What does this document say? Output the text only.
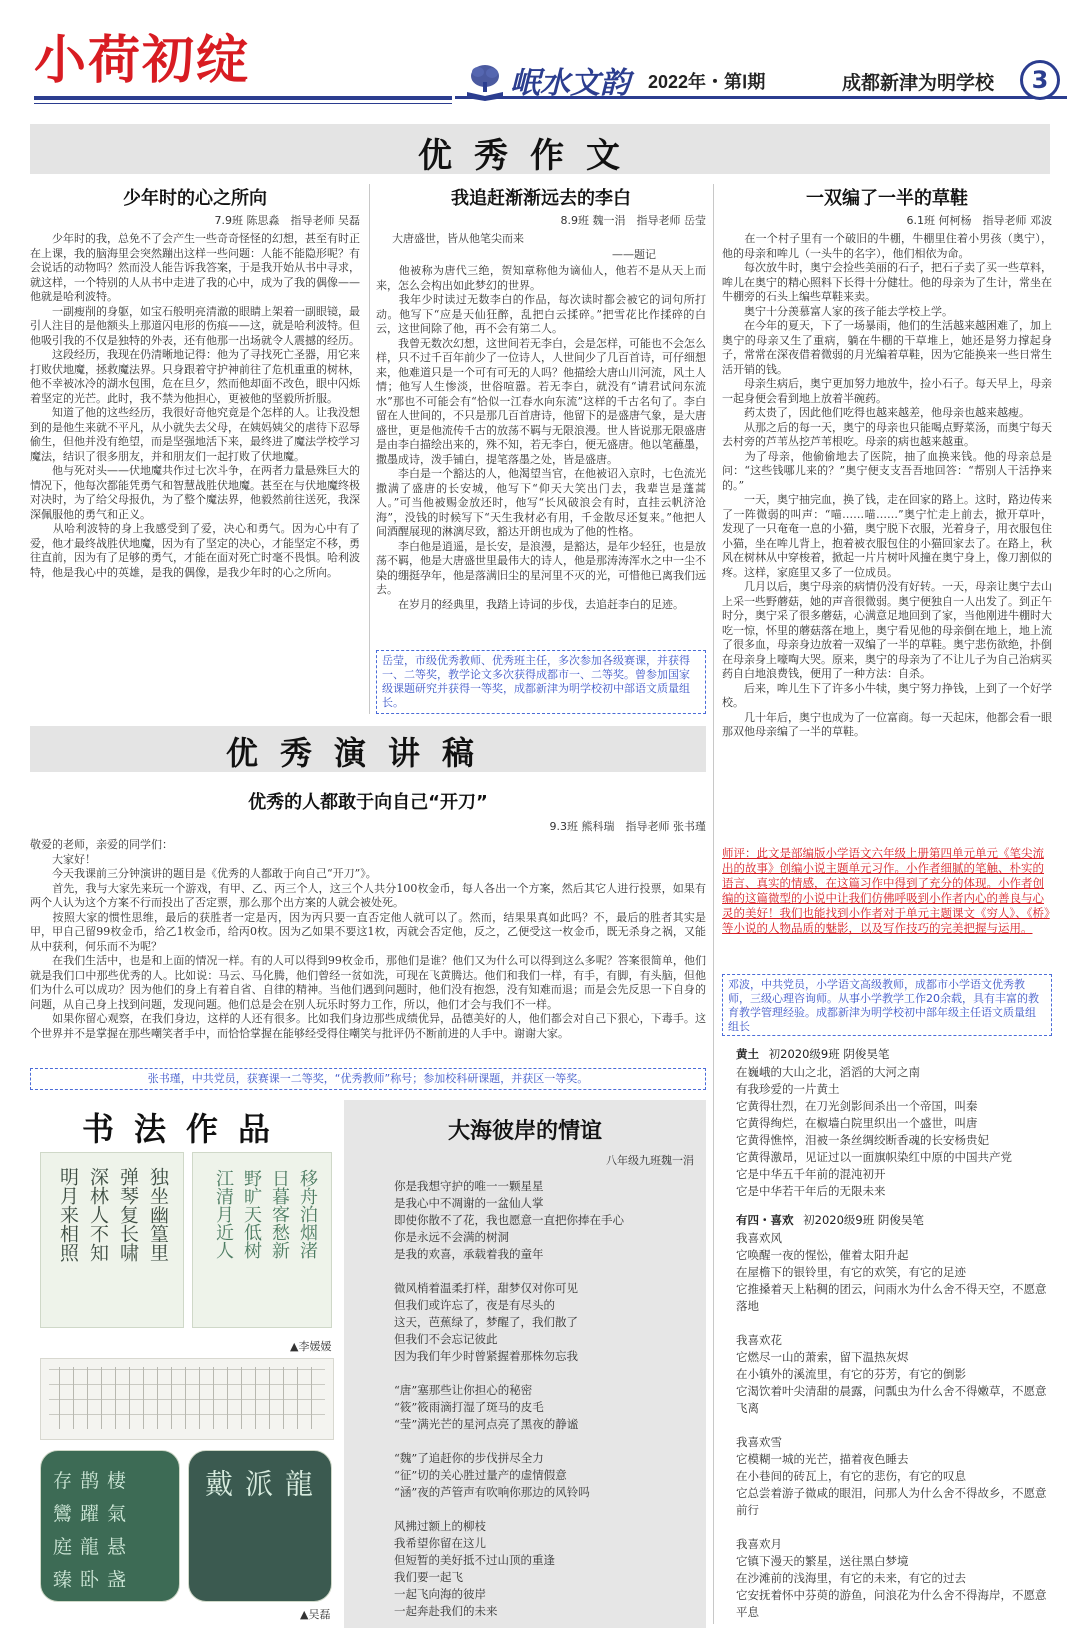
小荷初绽	岷水文韵 2022年・第Ⅰ期	成都新津为明学校	3
优秀作文
少年时的心之所向
7.9班 陈思淼　指导老师 吴磊
　　少年时的我，总免不了会产生一些奇奇怪怪的幻想，甚至有时正在上课，我的脑海里会突然蹦出这样一些问题：人能不能隐形呢？有会说话的动物吗？然而没人能告诉我答案，于是我开始从书中寻求，就这样，一个特别的人从书中走进了我的心中，成为了我的偶像——他就是哈利波特。
　　一副瘦削的身躯，如宝石般明亮清澈的眼睛上架着一副眼镜，最引人注目的是他额头上那道闪电形的伤痕——这，就是哈利波特。但他吸引我的不仅是独特的外表，还有他那一出场就令人震撼的经历。
　　这段经历，我现在仍清晰地记得：他为了寻找死亡圣器，用它来打败伏地魔，拯救魔法界。只身跟着守护神前往了危机重重的树林，他不幸被冰冷的湖水包围，危在旦夕，然而他却面不改色，眼中闪烁着坚定的光芒。此时，我不禁为他担心，更被他的坚毅所折服。
　　知道了他的这些经历，我很好奇他究竟是个怎样的人。让我没想到的是他生来就不平凡，从小就失去父母，在姨妈姨父的虐待下忍辱偷生，但他并没有绝望，而是坚强地活下来，最终进了魔法学校学习魔法，结识了很多朋友，并和朋友们一起打败了伏地魔。
　　他与死对头——伏地魔共作过七次斗争，在两者力量悬殊巨大的情况下，他每次都能凭勇气和智慧战胜伏地魔。甚至在与伏地魔终极对决时，为了给父母报仇，为了整个魔法界，他毅然前往送死，我深深佩服他的勇气和正义。
　　从哈利波特的身上我感受到了爱，决心和勇气。因为心中有了爱，他才最终战胜伏地魔，因为有了坚定的决心，才能坚定不移，勇往直前，因为有了足够的勇气，才能在面对死亡时毫不畏惧。哈利波特，他是我心中的英雄，是我的偶像，是我少年时的心之所向。
我追赶渐渐远去的李白
8.9班 魏一涓　指导老师 岳莹
大唐盛世，皆从他笔尖而来
——题记
　　他被称为唐代三绝，贺知章称他为谪仙人，他若不是从天上而来，怎么会构出如此梦幻的世界。
　　我年少时读过无数李白的作品，每次读时都会被它的词句所打动。他写下“应是天仙狂醉，乱把白云揉碎。”把雪花比作揉碎的白云，这世间除了他，再不会有第二人。
　　我曾无数次幻想，这世间若无李白，会是怎样，可能也不会怎么样，只不过千百年前少了一位诗人，人世间少了几百首诗，可仔细想来，他难道只是一个可有可无的人吗？他描绘大唐山川河流，风土人情；他写人生惨淡，世俗喧嚣。若无李白，就没有“请君试问东流水”那也不可能会有“恰似一江春水向东流”这样的千古名句了。李白留在人世间的，不只是那几百首唐诗，他留下的是盛唐气象，是大唐盛世，更是他流传千古的放荡不羁与无限浪漫。世人皆说那无限盛唐是由李白描绘出来的，殊不知，若无李白，便无盛唐。他以笔蘸墨，撒墨成诗，泼手铺白，提笔落墨之处，皆是盛唐。
　　李白是一个豁达的人，他渴望当官，在他被诏入京时，七色流光撒满了盛唐的长安城，他写下“仰天大笑出门去，我辈岂是蓬蒿人。”可当他被赐金放还时，他写“长风破浪会有时，直挂云帆济沧海”，没钱的时候写下“天生我材必有用，千金散尽还复来。”他把人间酒醒展现的淋漓尽致，豁达开朗也成为了他的性格。
　　李白他是逍遥，是长安，是浪漫，是豁达，是年少轻狂，也是放荡不羁，他是大唐盛世里最伟大的诗人，他是那涛涛浑水之中一尘不染的绷挺孕年，他是落满旧尘的星河里不灭的光，可惜他已离我们远去。
　　在岁月的经典里，我踏上诗词的步伐，去追赶李白的足迹。
岳莹，市级优秀教师、优秀班主任，多次参加各级赛课，并获得一、二等奖，教学论文多次获得成都市一、二等奖。曾参加国家级课题研究并获得一等奖，成都新津为明学校初中部语文质量组长。
一双编了一半的草鞋
6.1班 何柯杨　指导老师 邓波
　　在一个村子里有一个破旧的牛棚，牛棚里住着小男孩（奥宁），他的母亲和哞儿（一头牛的名字），他们相依为命。
　　每次放牛时，奥宁会捡些美丽的石子，把石子卖了买一些草料，哞儿在奥宁的精心照料下长得十分健壮。他的母亲为了生计，常坐在牛棚旁的石头上编些草鞋来卖。
　　奥宁十分羡慕富人家的孩子能去学校上学。
　　在今年的夏天，下了一场暴雨，他们的生活越来越困难了，加上奥宁的母亲又生了重病，躺在牛棚的干草堆上，她还是努力撑起身子，常常在深夜借着微弱的月光编着草鞋，因为它能换来一些日常生活开销的钱。
　　母亲生病后，奥宁更加努力地放牛，捡小石子。每天早上，母亲一起身便会看到地上放着半碗药。
　　药太贵了，因此他们吃得也越来越差，他母亲也越来越瘦。
　　从那之后的每一天，奥宁的母亲也只能喝点野菜汤，而奥宁每天去村旁的芦苇丛挖芦苇根吃。母亲的病也越来越重。
　　为了母亲，他偷偷地去了医院，抽了血换来钱。他的母亲总是问：“这些钱哪儿来的？”奥宁便支支吾吾地回答：“帮别人干活挣来的。”
　　一天，奥宁抽完血，换了钱，走在回家的路上。这时，路边传来了一阵微弱的叫声：“喵……喵……”奥宁忙走上前去，掀开草叶，发现了一只奄奄一息的小猫，奥宁脱下衣服，光着身子，用衣服包住小猫，坐在哞儿背上，抱着被衣服包住的小猫回家去了。在路上，秋风在树林从中穿梭着，掀起一片片树叶风撞在奥宁身上，像刀割似的疼。这样，家庭里又多了一位成员。
　　几月以后，奥宁母亲的病情仍没有好转。一天，母亲让奥宁去山上采一些野蘑菇，她的声音很微弱。奥宁便独自一人出发了。到正午时分，奥宁采了很多蘑菇，心满意足地回到了家，当他刚进牛棚时大吃一惊，怀里的蘑菇落在地上，奥宁看见他的母亲倒在地上，地上流了很多血，母亲身边放着一双编了一半的草鞋。奥宁悲伤欲绝，扑倒在母亲身上嚎啕大哭。原来，奥宁的母亲为了不让儿子为自己治病买药自白地浪费钱，便用了一种方法：自杀。
　　后来，哞儿生下了许多小牛犊，奥宁努力挣钱，上到了一个好学校。
　　几十年后，奥宁也成为了一位富商。每一天起床，他都会看一眼那双他母亲编了一半的草鞋。
师评：此文是部编版小学语文六年级上册第四单元单元《笔尖流出的故事》创编小说主题单元习作。小作者细腻的笔触、朴实的语言、真实的情感，在这篇习作中得到了充分的体现。小作者创编的这篇微型的小说中让我们仿佛呼吸到小作者内心的善良与心灵的美好！我们也能找到小作者对于单元主题课文《穷人》、《桥》等小说的人物品质的魅影，以及写作技巧的完美把握与运用。
邓波，中共党员，小学语文高级教师，成都市小学语文优秀教师，三级心理咨询师。从事小学教学工作20余载，具有丰富的教育教学管理经验。成都新津为明学校初中部年级主任语文质量组组长
黄土 初2020级9班 阴俊昊笔
在巍峨的大山之北，滔滔的大河之南
有我珍爱的一片黄土
它黄得壮烈，在刀光剑影间杀出一个帝国，叫秦
它黄得绚烂，在椒墙白院里织出一个盛世，叫唐
它黄得憔悴，泪被一条丝绸绞断香魂的长安杨贵妃
它黄得激昂，见证过以一面旗帜染红中原的中国共产党
它是中华五千年前的混沌初开
它是中华若干年后的无限未来
有四・喜欢 初2020级9班 阴俊吴笔
我喜欢风
它唤醒一夜的惺忪，催着太阳升起
在屋檐下的银铃里，有它的欢笑，有它的足迹
它推搡着天上粘稠的团云，问雨水为什么舍不得天空，不愿意落地

我喜欢花
它燃尽一山的萧索，留下温热灰烬
在小镇外的溪流里，有它的芬芳，有它的倒影
它渴饮着叶尖清甜的晨露，问瓢虫为什么舍不得嫩草，不愿意飞离

我喜欢雪
它模糊一城的光芒，描着夜色睡去
在小巷间的砖瓦上，有它的悲伤，有它的叹息
它总尝着游子微咸的眼泪，问那人为什么舍不得故乡，不愿意前行

我喜欢月
它镇下漫天的繁星，送往黑白梦境
在沙滩前的浅海里，有它的未来，有它的过去
它安抚着怀中芬萸的游鱼，问浪花为什么舍不得海岸，不愿意平息
优秀演讲稿
优秀的人都敢于向自己“开刀”
9.3班 熊科瑞　指导老师 张书瑾
敬爱的老师，亲爱的同学们：
　　大家好！
　　今天我课前三分钟演讲的题目是《优秀的人都敢于向自己“开刀”》。
　　首先，我与大家先来玩一个游戏，有甲、乙、丙三个人，这三个人共分100枚金币，每人各出一个方案，然后其它人进行投票，如果有两个人认为这个方案不行而投出了否定票，那么那个出方案的人就会被处死。
　　按照大家的惯性思维，最后的获胜者一定是丙，因为丙只要一直否定他人就可以了。然而，结果果真如此吗？不，最后的胜者其实是甲，甲自己留99枚金币，给乙1枚金币，给丙0枚。因为乙如果不要这1枚，丙就会否定他，反之，乙便受这一枚金币，既无杀身之祸，又能从中获利，何乐而不为呢？
　　在我们生活中，也是和上面的情况一样。有的人可以得到99枚金币，那他们是谁？他们又为什么可以得到这么多呢？答案很简单，他们就是我们口中那些优秀的人。比如说：马云、马化腾，他们曾经一贫如洗，可现在飞黄腾达。他们和我们一样，有手，有脚，有头脑，但他们为什么可以成功？因为他们的身上有着自省、自律的精神。当他们遇到问题时，他们没有抱怨，没有知难而退；而是会先反思一下自身的问题，从自己身上找到问题，发现问题。他们总是会在别人玩乐时努力工作，所以，他们才会与我们不一样。
　　如果你留心观察，在我们身边，这样的人还有很多。比如我们身边那些成绩优异，品德美好的人，他们都会对自己下狠心，下毒手。这个世界并不是掌握在那些嘲笑者手中，而恰恰掌握在能够经受得住嘲笑与批评仍不断前进的人手中。谢谢大家。
张书瑾，中共党员，获赛课一二等奖，“优秀教师”称号；参加校科研课题，并获区一等奖。
书法作品
独坐幽篁里
弹琴复长啸
深林人不知
明月来相照	移舟泊烟渚
日暮客愁新
野旷天低树
江清月近人
▲李媛媛
存鹊棲
鸞躍氣
庭龍悬
臻卧盏
龍
派
戴
▲吴磊
大海彼岸的情谊
八年级九班魏一涓
你是我想守护的唯一一颗星星
是我心中不凋谢的一盆仙人掌
即使你散不了花，我也愿意一直把你捧在手心
你是永远不会满的树洞
是我的欢喜，承载着我的童年

微风梢着温柔打样，甜梦仅对你可见
但我们或许忘了，夜是有尽头的
这天，芭蕉绿了，梦醒了，我们散了
但我们不会忘记彼此
因为我们年少时曾紧握着那株勿忘我

“唐”塞那些让你担心的秘密
“筱”筱雨滴打湿了斑马的皮毛
“莹”满光芒的星河点亮了黑夜的静谧

“魏”了追赶你的步伐拼尽全力
“征”切的关心胜过量产的虚情假意
“涵”夜的芦管声有吹响你那边的风铃吗

风拂过额上的柳枝
我希望你留在这儿
但短暂的美好抵不过山顶的重逢
我们要一起飞
一起飞向海的彼岸
一起奔赴我们的未来
